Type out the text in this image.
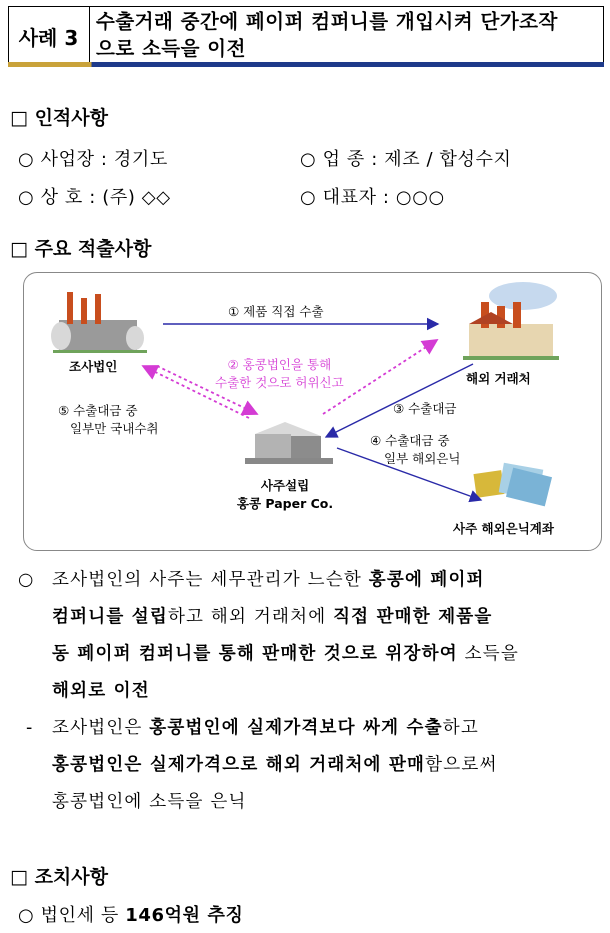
사례 3
수출거래 중간에 페이퍼 컴퍼니를 개입시켜 단가조작
으로 소득을 이전
□ 인적사항
○ 사업장 : 경기도	○ 업 종 : 제조 / 합성수지
○ 상 호 : (주) ◇◇	○ 대표자 : ○○○
□ 주요 적출사항
조사법인
해외 거래처
사주설립
홍콩 Paper Co.
사주 해외은닉계좌
① 제품 직접 수출
② 홍콩법인을 통해
수출한 것으로 허위신고
③ 수출대금
④ 수출대금 중
일부 해외은닉
⑤ 수출대금 중
일부만 국내수취
○ 조사법인의 사주는 세무관리가 느슨한 홍콩에 페이퍼
컴퍼니를 설립하고 해외 거래처에 직접 판매한 제품을
동 페이퍼 컴퍼니를 통해 판매한 것으로 위장하여 소득을
해외로 이전
- 조사법인은 홍콩법인에 실제가격보다 싸게 수출하고
홍콩법인은 실제가격으로 해외 거래처에 판매함으로써
홍콩법인에 소득을 은닉
□ 조치사항
○ 법인세 등 146억원 추징
